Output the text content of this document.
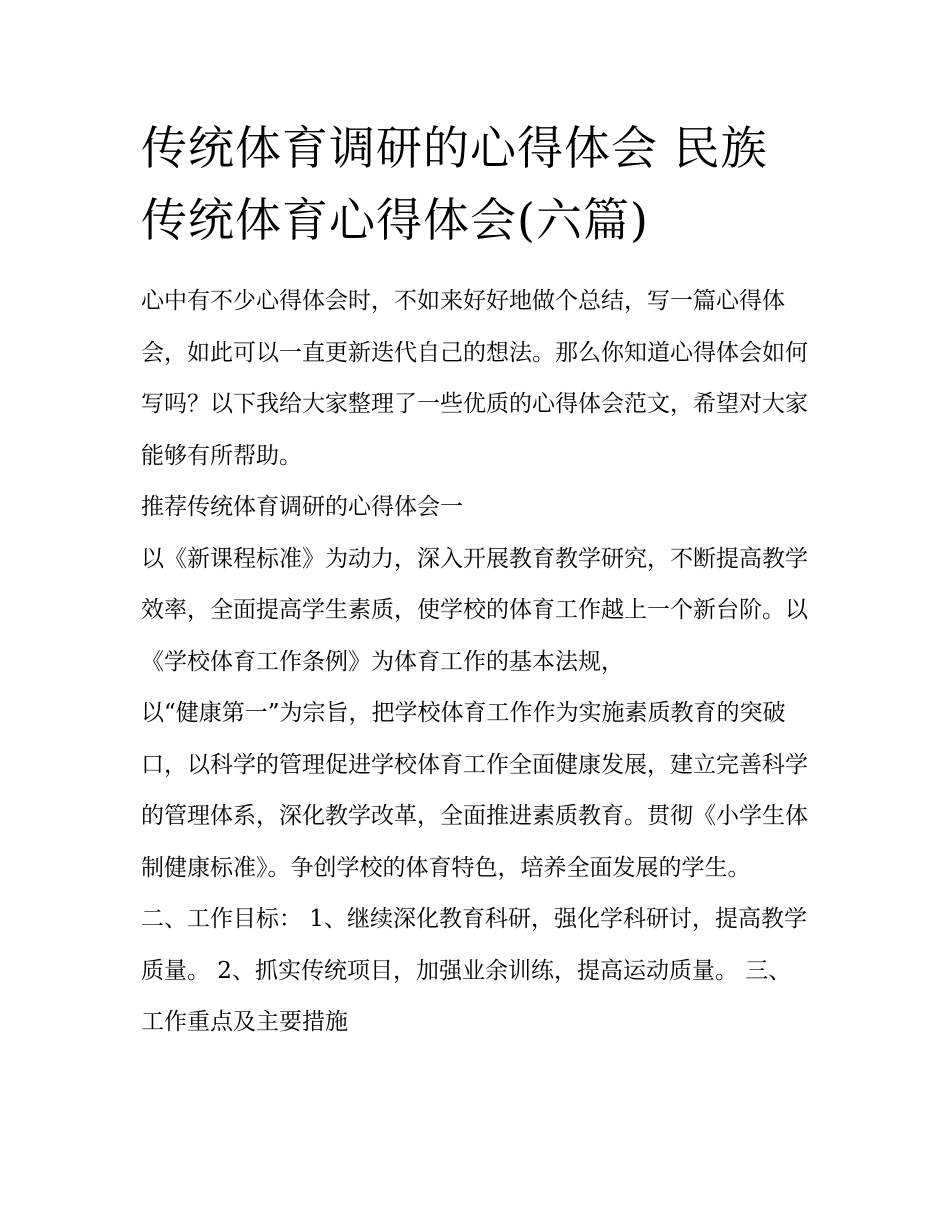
传统体育调研的心得体会 民族
传统体育心得体会(六篇)

心中有不少心得体会时，不如来好好地做个总结，写一篇心得体会，如此可以一直更新迭代自己的想法。那么你知道心得体会如何写吗？以下我给大家整理了一些优质的心得体会范文，希望对大家能够有所帮助。

推荐传统体育调研的心得体会一

以《新课程标准》为动力，深入开展教育教学研究，不断提高教学效率，全面提高学生素质，使学校的体育工作越上一个新台阶。以《学校体育工作条例》为体育工作的基本法规，

以“健康第一”为宗旨，把学校体育工作作为实施素质教育的突破口，以科学的管理促进学校体育工作全面健康发展，建立完善科学的管理体系，深化教学改革，全面推进素质教育。贯彻《小学生体制健康标准》。争创学校的体育特色，培养全面发展的学生。

二、工作目标： 1、继续深化教育科研，强化学科研讨，提高教学质量。 2、抓实传统项目，加强业余训练，提高运动质量。 三、工作重点及主要措施
